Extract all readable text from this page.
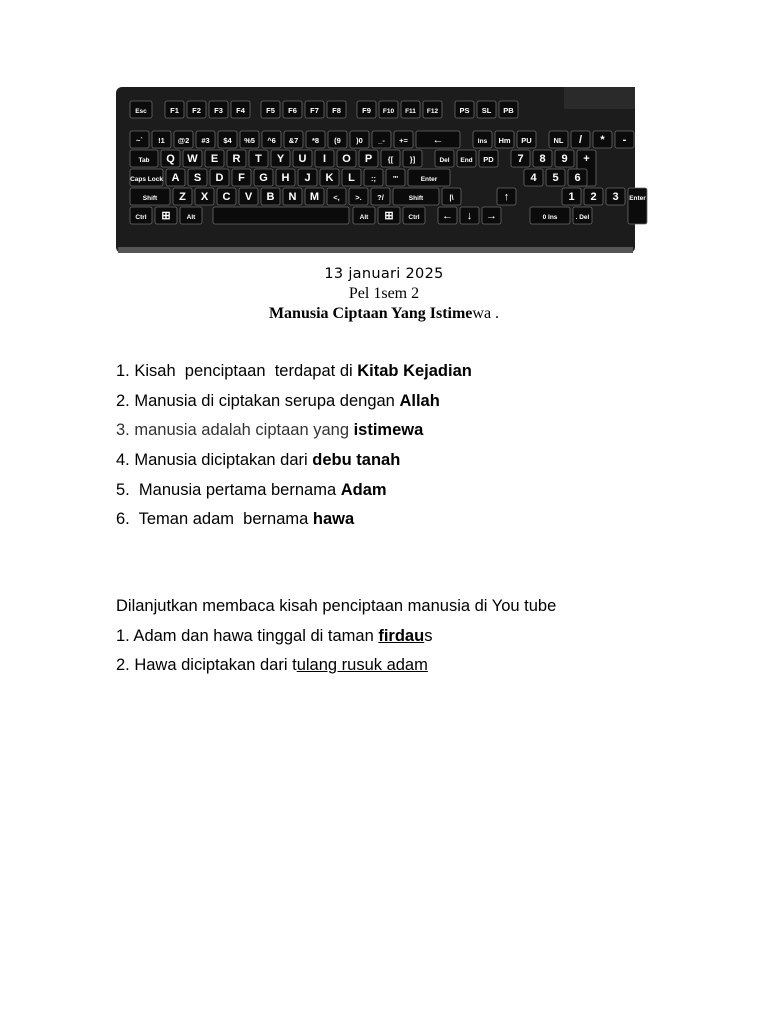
Esc	F1 F2 F3 F4	F5 F6 F7 F8	F9 F10 F11 F12	PS SL PB
~` !1 @2 #3 $4 %5 ^6 &7 *8 (9 )0 _- += ←	Ins Hm PU	NL / * -
Tab Q W E R T Y U I O P {[ }]	Del End PD 7 8 9 +
Caps Lock A S D F G H J K L :; "'	Enter	4 5 6
Shift Z X C V B N M <, >. ?/	Shift	|\	↑	1 2 3 Enter
Ctrl ⊞ Alt	Alt ⊞ Ctrl ← ↓ →	0 Ins	. Del
13 januari 2025
Pel 1sem 2
Manusia Ciptaan Yang Istimewa .
1. Kisah  penciptaan  terdapat di Kitab Kejadian
2. Manusia di ciptakan serupa dengan Allah
3. manusia adalah ciptaan yang istimewa
4. Manusia diciptakan dari debu tanah
5.  Manusia pertama bernama Adam
6.  Teman adam  bernama hawa
Dilanjutkan membaca kisah penciptaan manusia di You tube
1. Adam dan hawa tinggal di taman firdaus
2. Hawa diciptakan dari tulang rusuk adam
